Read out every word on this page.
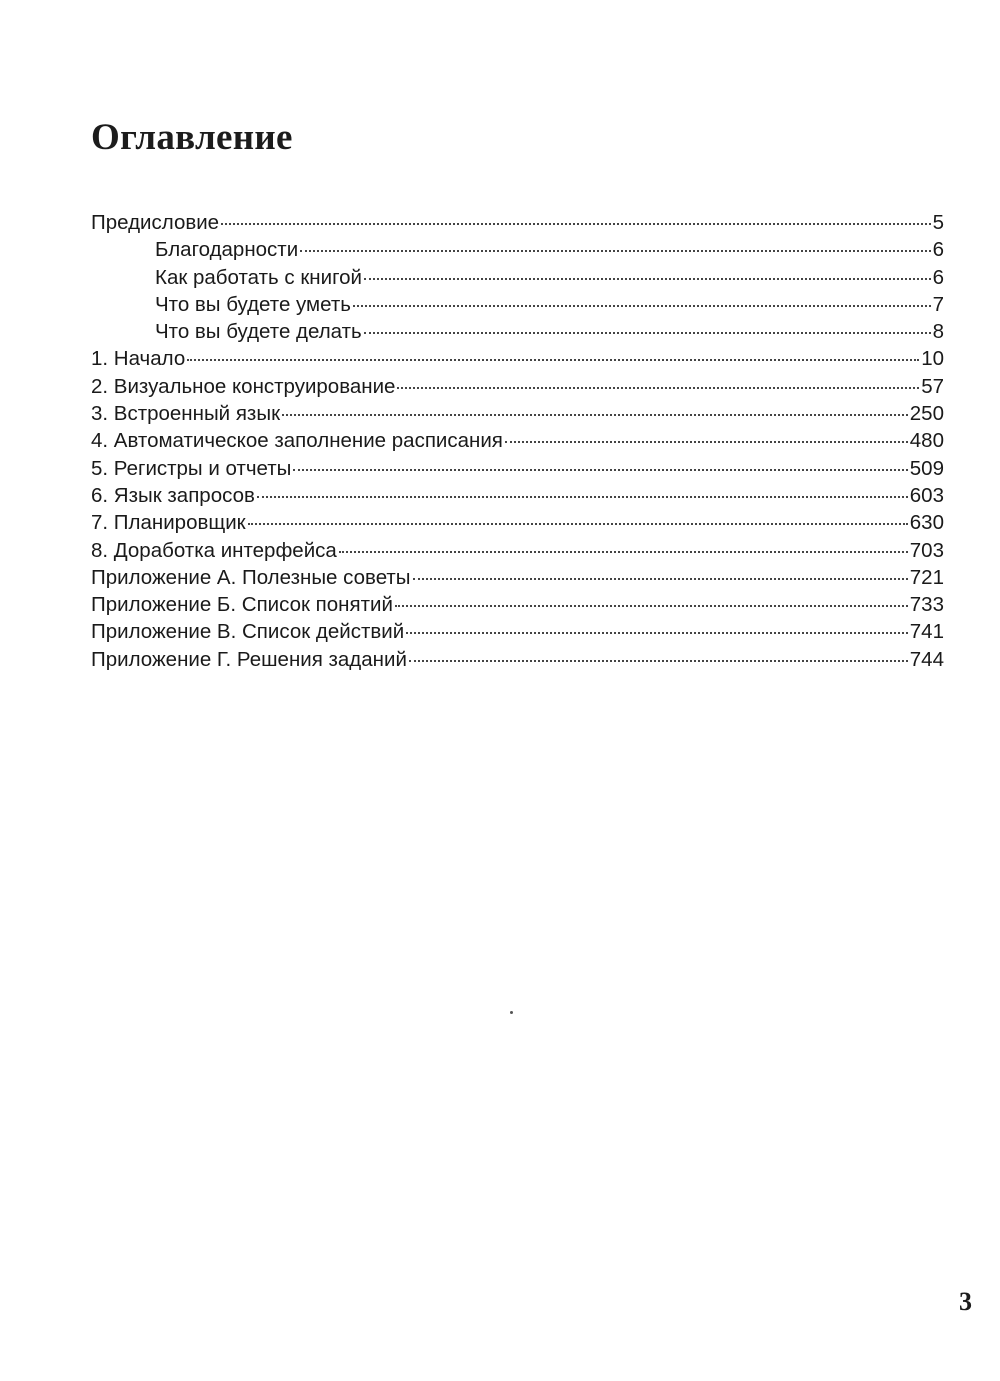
Оглавление
Предисловие	5
Благодарности	6
Как работать с книгой	6
Что вы будете уметь	7
Что вы будете делать	8
1. Начало	10
2. Визуальное конструирование	57
3. Встроенный язык	250
4. Автоматическое заполнение расписания	480
5. Регистры и отчеты	509
6. Язык запросов	603
7. Планировщик	630
8. Доработка интерфейса	703
Приложение А. Полезные советы	721
Приложение Б. Список понятий	733
Приложение В. Список действий	741
Приложение Г. Решения заданий	744
3
